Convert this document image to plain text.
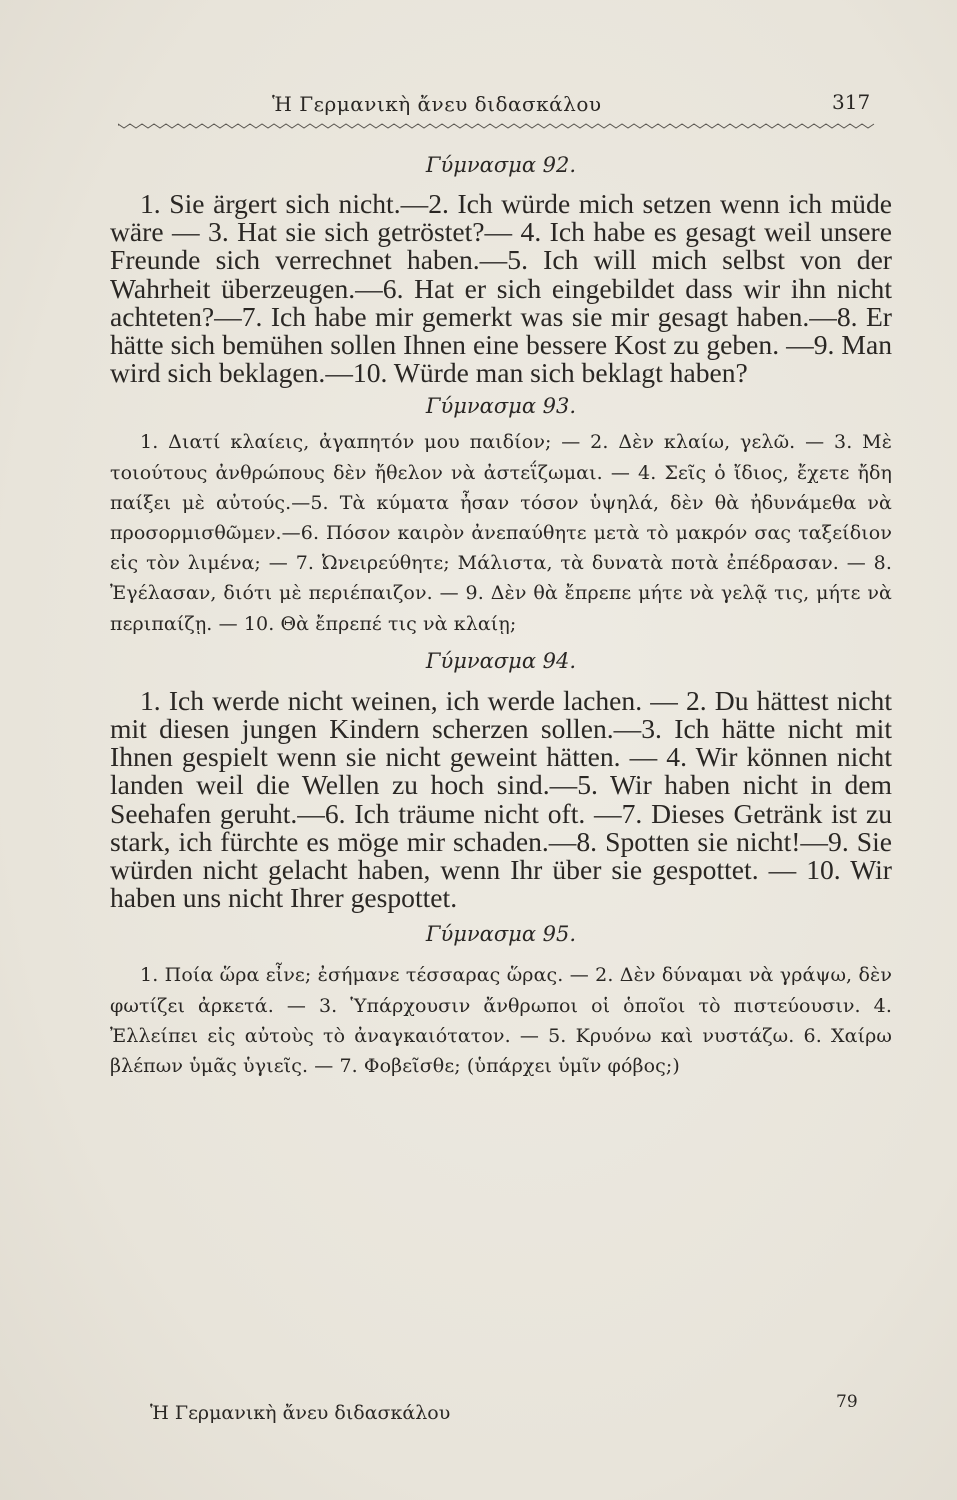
Ἡ Γερμανικὴ ἄνευ διδασκάλου	317
Γύμνασμα 92.

1. Sie ärgert sich nicht.—2. Ich würde mich setzen wenn ich müde wäre — 3. Hat sie sich getröstet?— 4. Ich habe es gesagt weil unsere Freunde sich verrechnet haben.—5. Ich will mich selbst von der Wahrheit überzeugen.—6. Hat er sich eingebildet dass wir ihn nicht achteten?—7. Ich habe mir gemerkt was sie mir gesagt haben.—8. Er hätte sich bemühen sollen Ihnen eine bessere Kost zu geben. —9. Man wird sich beklagen.—10. Würde man sich beklagt haben?

Γύμνασμα 93.

1. Διατί κλαίεις, ἀγαπητόν μου παιδίον; — 2. Δὲν κλαίω, γελῶ. — 3. Μὲ τοιούτους ἀνθρώπους δὲν ἤθελον νὰ ἀστεΐζωμαι. — 4. Σεῖς ὁ ἴδιος, ἔχετε ἤδη παίξει μὲ αὐτούς.—5. Τὰ κύματα ἦσαν τόσον ὑψηλά, δὲν θὰ ἠδυνάμεθα νὰ προσορμισθῶμεν.—6. Πόσον καιρὸν ἀνεπαύθητε μετὰ τὸ μακρόν σας ταξείδιον εἰς τὸν λιμένα; — 7. Ὠνειρεύθητε; Μάλιστα, τὰ δυνατὰ ποτὰ ἐπέδρασαν. — 8. Ἐγέλασαν, διότι μὲ περιέπαιζον. — 9. Δὲν θὰ ἔπρεπε μήτε νὰ γελᾷ τις, μήτε νὰ περιπαίζῃ. — 10. Θὰ ἔπρεπέ τις νὰ κλαίῃ;

Γύμνασμα 94.

1. Ich werde nicht weinen, ich werde lachen. — 2. Du hättest nicht mit diesen jungen Kindern scherzen sollen.—3. Ich hätte nicht mit Ihnen gespielt wenn sie nicht geweint hätten. — 4. Wir können nicht landen weil die Wellen zu hoch sind.—5. Wir haben nicht in dem Seehafen geruht.—6. Ich träume nicht oft. —7. Dieses Getränk ist zu stark, ich fürchte es möge mir schaden.—8. Spotten sie nicht!—9. Sie würden nicht gelacht haben, wenn Ihr über sie gespottet. — 10. Wir haben uns nicht Ihrer gespottet.

Γύμνασμα 95.

1. Ποία ὥρα εἶνε; ἐσήμανε τέσσαρας ὥρας. — 2. Δὲν δύναμαι νὰ γράψω, δὲν φωτίζει ἀρκετά. — 3. Ὑπάρχουσιν ἄνθρωποι οἱ ὁποῖοι τὸ πιστεύουσιν. 4. Ἐλλείπει εἰς αὐτοὺς τὸ ἀναγκαιότατον. — 5. Κρυόνω καὶ νυστάζω. 6. Χαίρω βλέπων ὑμᾶς ὑγιεῖς. — 7. Φοβεῖσθε; (ὑπάρχει ὑμῖν φόβος;)

Ἡ Γερμανικὴ ἄνευ διδασκάλου	79
